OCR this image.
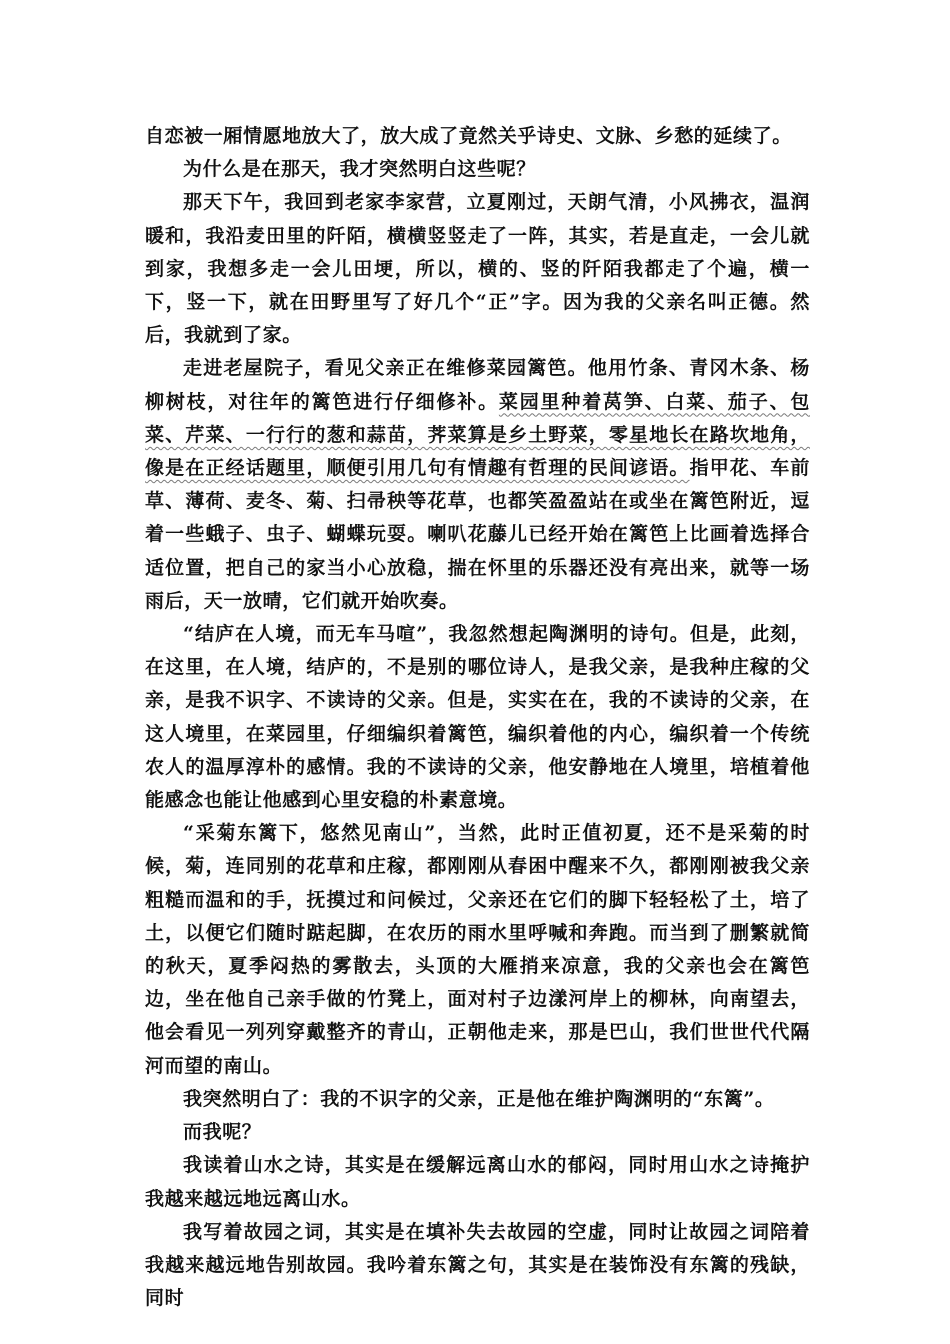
自恋被一厢情愿地放大了，放大成了竟然关乎诗史、文脉、乡愁的延续了。

为什么是在那天，我才突然明白这些呢？

那天下午，我回到老家李家营，立夏刚过，天朗气清，小风拂衣，温润暖和，我沿麦田里的阡陌，横横竖竖走了一阵，其实，若是直走，一会儿就到家，我想多走一会儿田埂，所以，横的、竖的阡陌我都走了个遍，横一下，竖一下，就在田野里写了好几个“正”字。因为我的父亲名叫正德。然后，我就到了家。

走进老屋院子，看见父亲正在维修菜园篱笆。他用竹条、青冈木条、杨柳树枝，对往年的篱笆进行仔细修补。菜园里种着莴笋、白菜、茄子、包菜、芹菜、一行行的葱和蒜苗，荠菜算是乡土野菜，零星地长在路坎地角，像是在正经话题里，顺便引用几句有情趣有哲理的民间谚语。指甲花、车前草、薄荷、麦冬、菊、扫帚秧等花草，也都笑盈盈站在或坐在篱笆附近，逗着一些蛾子、虫子、蝴蝶玩耍。喇叭花藤儿已经开始在篱笆上比画着选择合适位置，把自己的家当小心放稳，揣在怀里的乐器还没有亮出来，就等一场雨后，天一放晴，它们就开始吹奏。

“结庐在人境，而无车马喧”，我忽然想起陶渊明的诗句。但是，此刻，在这里，在人境，结庐的，不是别的哪位诗人，是我父亲，是我种庄稼的父亲，是我不识字、不读诗的父亲。但是，实实在在，我的不读诗的父亲，在这人境里，在菜园里，仔细编织着篱笆，编织着他的内心，编织着一个传统农人的温厚淳朴的感情。我的不读诗的父亲，他安静地在人境里，培植着他能感念也能让他感到心里安稳的朴素意境。

“采菊东篱下，悠然见南山”，当然，此时正值初夏，还不是采菊的时候，菊，连同别的花草和庄稼，都刚刚从春困中醒来不久，都刚刚被我父亲粗糙而温和的手，抚摸过和问候过，父亲还在它们的脚下轻轻松了土，培了土，以便它们随时踮起脚，在农历的雨水里呼喊和奔跑。而当到了删繁就简的秋天，夏季闷热的雾散去，头顶的大雁捎来凉意，我的父亲也会在篱笆边，坐在他自己亲手做的竹凳上，面对村子边漾河岸上的柳林，向南望去，他会看见一列列穿戴整齐的青山，正朝他走来，那是巴山，我们世世代代隔河而望的南山。

我突然明白了：我的不识字的父亲，正是他在维护陶渊明的“东篱”。

而我呢？

我读着山水之诗，其实是在缓解远离山水的郁闷，同时用山水之诗掩护我越来越远地远离山水。

我写着故园之词，其实是在填补失去故园的空虚，同时让故园之词陪着我越来越远地告别故园。我吟着东篱之句，其实是在装饰没有东篱的残缺，同时
